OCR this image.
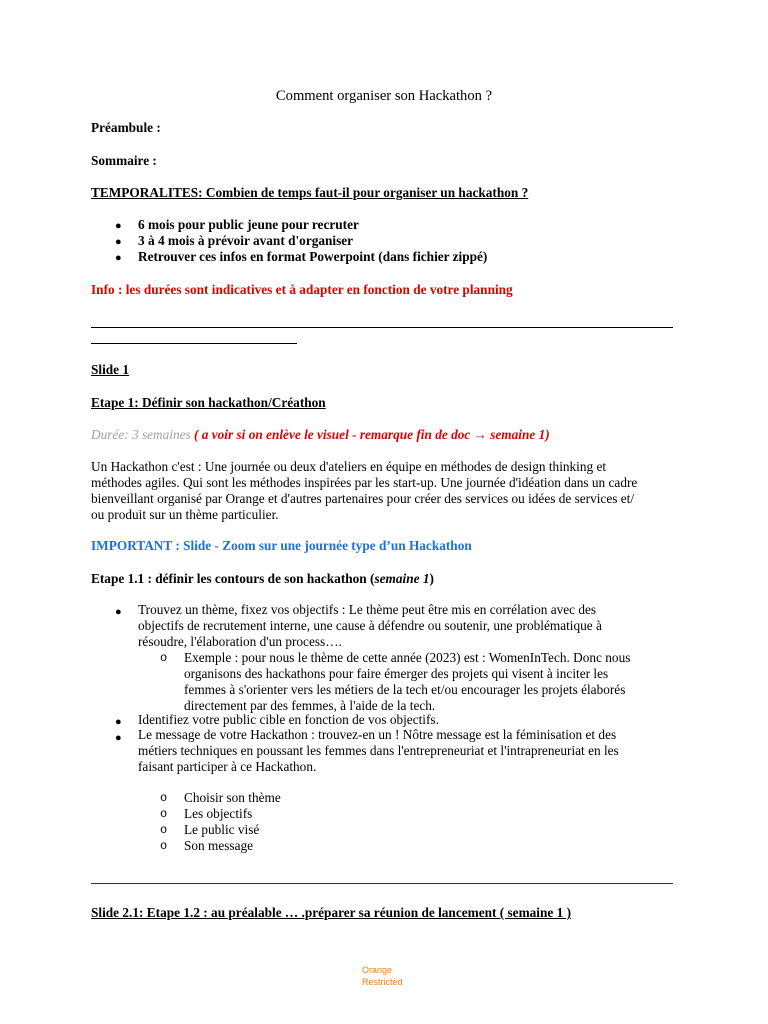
Comment organiser son Hackathon ?
Préambule :
Sommaire :
TEMPORALITES: Combien de temps faut-il pour organiser un hackathon ?
● 6 mois pour public jeune pour recruter
● 3 à 4 mois à prévoir avant d'organiser
● Retrouver ces infos en format Powerpoint (dans fichier zippé)
Info : les durées sont indicatives et à adapter en fonction de votre planning
Slide 1
Etape 1: Définir son hackathon/Créathon
Durée: 3 semaines ( a voir si on enlève le visuel - remarque fin de doc → semaine 1)
Un Hackathon c'est : Une journée ou deux d'ateliers en équipe en méthodes de design thinking et
méthodes agiles. Qui sont les méthodes inspirées par les start-up. Une journée d'idéation dans un cadre
bienveillant organisé par Orange et d'autres partenaires pour créer des services ou idées de services et/
ou produit sur un thème particulier.
IMPORTANT : Slide - Zoom sur une journée type d’un Hackathon
Etape 1.1 : définir les contours de son hackathon (semaine 1)
● Trouvez un thème, fixez vos objectifs : Le thème peut être mis en corrélation avec des
objectifs de recrutement interne, une cause à défendre ou soutenir, une problématique à
résoudre, l'élaboration d'un process….
o Exemple : pour nous le thème de cette année (2023) est : WomenInTech. Donc nous
organisons des hackathons pour faire émerger des projets qui visent à inciter les
femmes à s'orienter vers les métiers de la tech et/ou encourager les projets élaborés
directement par des femmes, à l'aide de la tech.
● Identifiez votre public cible en fonction de vos objectifs.
● Le message de votre Hackathon : trouvez-en un ! Nôtre message est la féminisation et des
métiers techniques en poussant les femmes dans l'entrepreneuriat et l'intrapreneuriat en les
faisant participer à ce Hackathon.
o Choisir son thème
o Les objectifs
o Le public visé
o Son message
Slide 2.1: Etape 1.2 : au préalable … .préparer sa réunion de lancement ( semaine 1 )
Orange
Restricted
